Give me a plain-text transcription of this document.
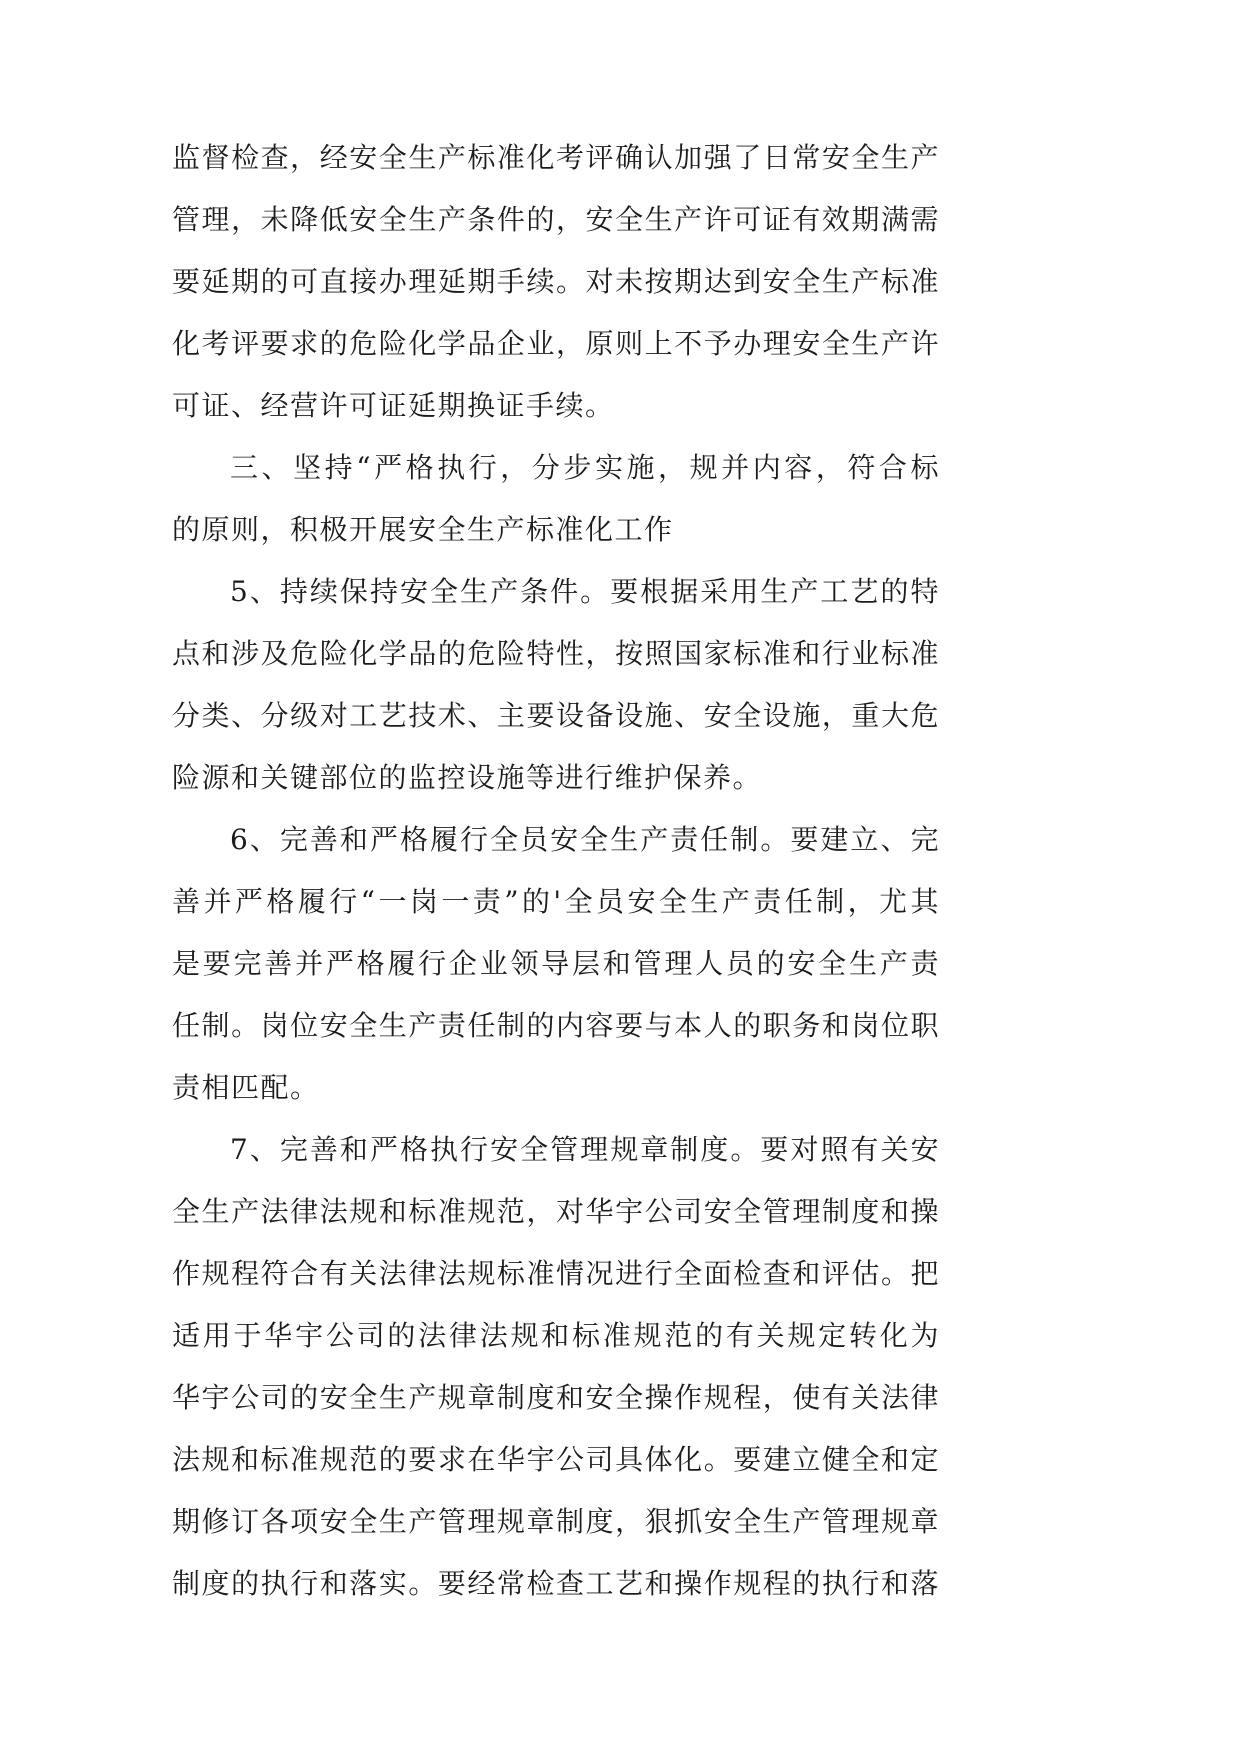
监督检查，经安全生产标准化考评确认加强了日常安全生产
管理，未降低安全生产条件的，安全生产许可证有效期满需
要延期的可直接办理延期手续。对未按期达到安全生产标准
化考评要求的危险化学品企业，原则上不予办理安全生产许
可证、经营许可证延期换证手续。
三、坚持“严格执行，分步实施，规并内容，符合标
的原则，积极开展安全生产标准化工作
5、持续保持安全生产条件。要根据采用生产工艺的特
点和涉及危险化学品的危险特性，按照国家标准和行业标准
分类、分级对工艺技术、主要设备设施、安全设施，重大危
险源和关键部位的监控设施等进行维护保养。
6、完善和严格履行全员安全生产责任制。要建立、完
善并严格履行“一岗一责”的'全员安全生产责任制，尤其
是要完善并严格履行企业领导层和管理人员的安全生产责
任制。岗位安全生产责任制的内容要与本人的职务和岗位职
责相匹配。
7、完善和严格执行安全管理规章制度。要对照有关安
全生产法律法规和标准规范，对华宇公司安全管理制度和操
作规程符合有关法律法规标准情况进行全面检查和评估。把
适用于华宇公司的法律法规和标准规范的有关规定转化为
华宇公司的安全生产规章制度和安全操作规程，使有关法律
法规和标准规范的要求在华宇公司具体化。要建立健全和定
期修订各项安全生产管理规章制度，狠抓安全生产管理规章
制度的执行和落实。要经常检查工艺和操作规程的执行和落
